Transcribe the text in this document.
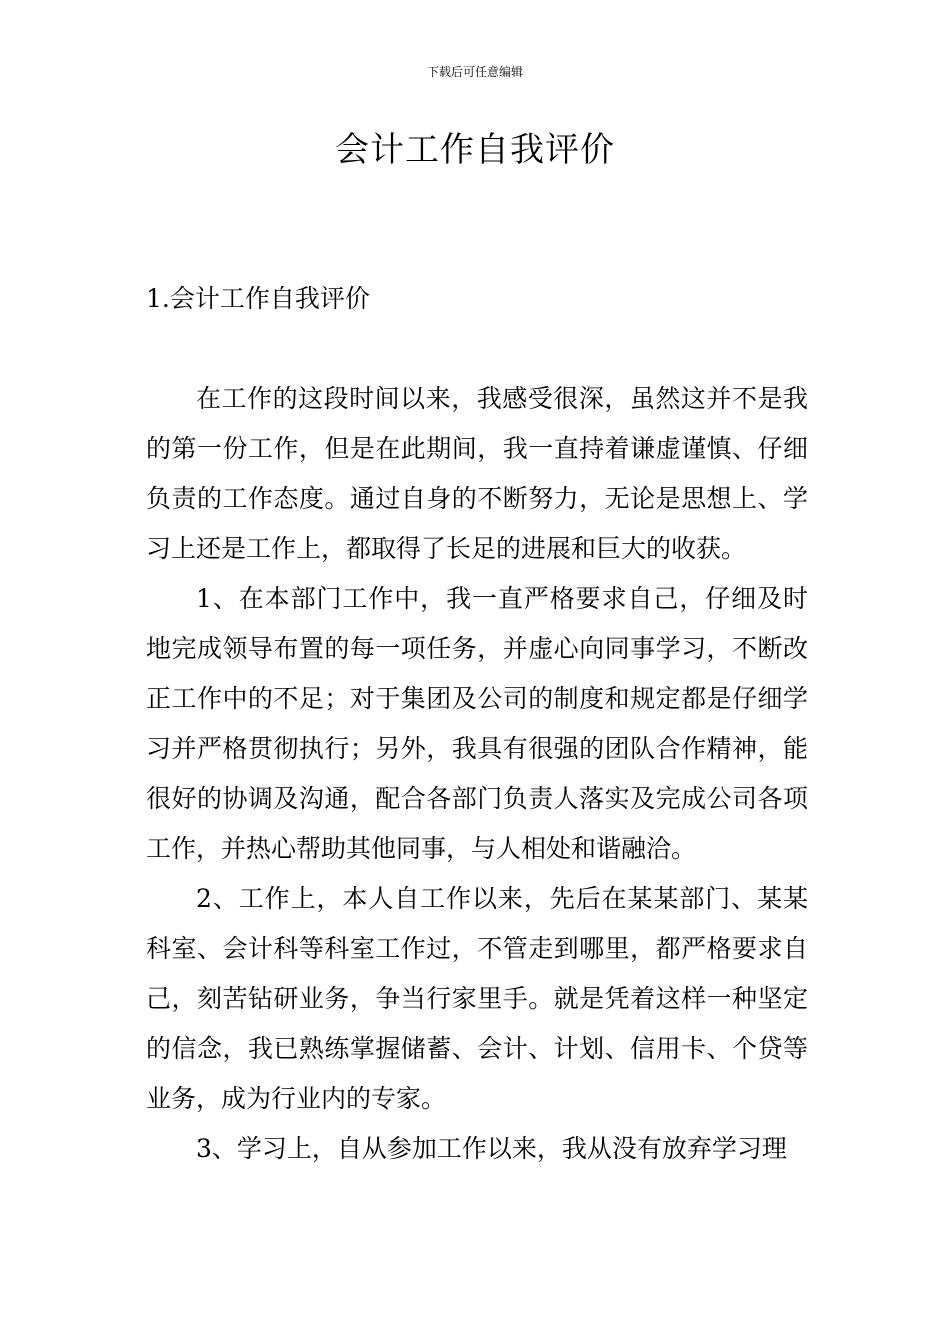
下载后可任意编辑
会计工作自我评价
1.会计工作自我评价

在工作的这段时间以来，我感受很深，虽然这并不是我的第一份工作，但是在此期间，我一直持着谦虚谨慎、仔细负责的工作态度。通过自身的不断努力，无论是思想上、学习上还是工作上，都取得了长足的进展和巨大的收获。

1、在本部门工作中，我一直严格要求自己，仔细及时地完成领导布置的每一项任务，并虚心向同事学习，不断改正工作中的不足；对于集团及公司的制度和规定都是仔细学习并严格贯彻执行；另外，我具有很强的团队合作精神，能很好的协调及沟通，配合各部门负责人落实及完成公司各项工作，并热心帮助其他同事，与人相处和谐融洽。

2、工作上，本人自工作以来，先后在某某部门、某某科室、会计科等科室工作过，不管走到哪里，都严格要求自己，刻苦钻研业务，争当行家里手。就是凭着这样一种坚定的信念，我已熟练掌握储蓄、会计、计划、信用卡、个贷等业务，成为行业内的专家。

3、学习上，自从参加工作以来，我从没有放弃学习理
